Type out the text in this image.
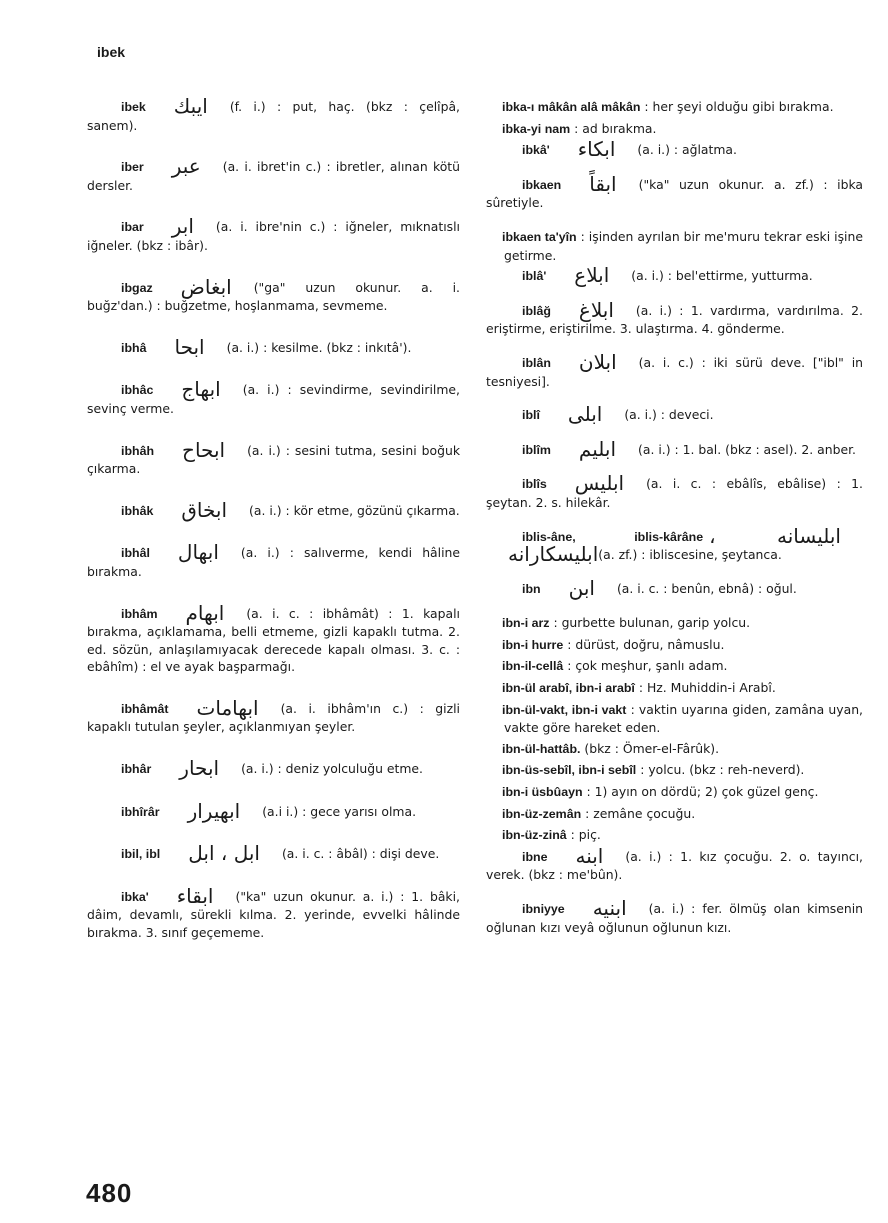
ibek
ibek ایبك (f. i.) : put, haç. (bkz : çelîpâ, sanem).
iber عبر (a. i. ibret'in c.) : ibretler, alınan kötü dersler.
ibar ابر (a. i. ibre'nin c.) : iğneler, mıknatıslı iğneler. (bkz : ibâr).
ibgaz ابغاض ("ga" uzun okunur. a. i. buğz'dan.) : buğzetme, hoşlanmama, sevmeme.
ibhâ ابحا (a. i.) : kesilme. (bkz : inkıtâ').
ibhâc ابهاج (a. i.) : sevindirme, sevindirilme, sevinç verme.
ibhâh ابحاح (a. i.) : sesini tutma, sesini boğuk çıkarma.
ibhâk ابخاق (a. i.) : kör etme, gözünü çıkarma.
ibhâl ابهال (a. i.) : salıverme, kendi hâline bırakma.
ibhâm ابهام (a. i. c. : ibhâmât) : 1. kapalı bırakma, açıklamama, belli etmeme, gizli kapaklı tutma. 2. ed. sözün, anlaşılamıyacak derecede kapalı olması. 3. c. : ebâhîm) : el ve ayak başparmağı.
ibhâmât ابهامات (a. i. ibhâm'ın c.) : gizli kapaklı tutulan şeyler, açıklanmıyan şeyler.
ibhâr ابحار (a. i.) : deniz yolculuğu etme.
ibhîrâr ابهيرار (a.i i.) : gece yarısı olma.
ibil, ibl ابل ، ابل (a. i. c. : âbâl) : dişi deve.
ibka' ابقاء ("ka" uzun okunur. a. i.) : 1. bâki, dâim, devamlı, sürekli kılma. 2. yerinde, evvelki hâlinde bırakma. 3. sınıf geçememe.
ibka-ı mâkân alâ mâkân : her şeyi olduğu gibi bırakma.
ibka-yi nam : ad bırakma.
ibkâ' ابكاء (a. i.) : ağlatma.
ibkaen ابقاً ("ka" uzun okunur. a. zf.) : ibka sûretiyle.
ibkaen ta'yîn : işinden ayrılan bir me'muru tekrar eski işine getirme.
iblâ' ابلاع (a. i.) : bel'ettirme, yutturma.
iblâğ ابلاغ (a. i.) : 1. vardırma, vardırılma. 2. eriştirme, eriştirilme. 3. ulaştırma. 4. gönderme.
iblân ابلان (a. i. c.) : iki sürü deve. ["ibl" in tesniyesi].
iblî ابلى (a. i.) : deveci.
iblîm ابليم (a. i.) : 1. bal. (bkz : asel). 2. anber.
iblîs ابليس (a. i. c. : ebâlîs, ebâlise) : 1. şeytan. 2. s. hilekâr.
iblis-âne, iblis-kârâne ابليسانه ، ابليسكارانه(a. zf.) : ibliscesine, şeytanca.
ibn ابن (a. i. c. : benûn, ebnâ) : oğul.
ibn-i arz : gurbette bulunan, garip yolcu.
ibn-i hurre : dürüst, doğru, nâmuslu.
ibn-il-cellâ : çok meşhur, şanlı adam.
ibn-ül arabî, ibn-i arabî : Hz. Muhiddin-i Arabî.
ibn-ül-vakt, ibn-i vakt : vaktin uyarına giden, zamâna uyan, vakte göre hareket eden.
ibn-ül-hattâb. (bkz : Ömer-el-Fârûk).
ibn-üs-sebîl, ibn-i sebîl : yolcu. (bkz : reh-neverd).
ibn-i üsbûayn : 1) ayın on dördü; 2) çok güzel genç.
ibn-üz-zemân : zemâne çocuğu.
ibn-üz-zinâ : piç.
ibne ابنه (a. i.) : 1. kız çocuğu. 2. o. tayıncı, verek. (bkz : me'bûn).
ibniyye ابنيه (a. i.) : fer. ölmüş olan kimsenin oğlunan kızı veyâ oğlunun oğlunun kızı.
480
